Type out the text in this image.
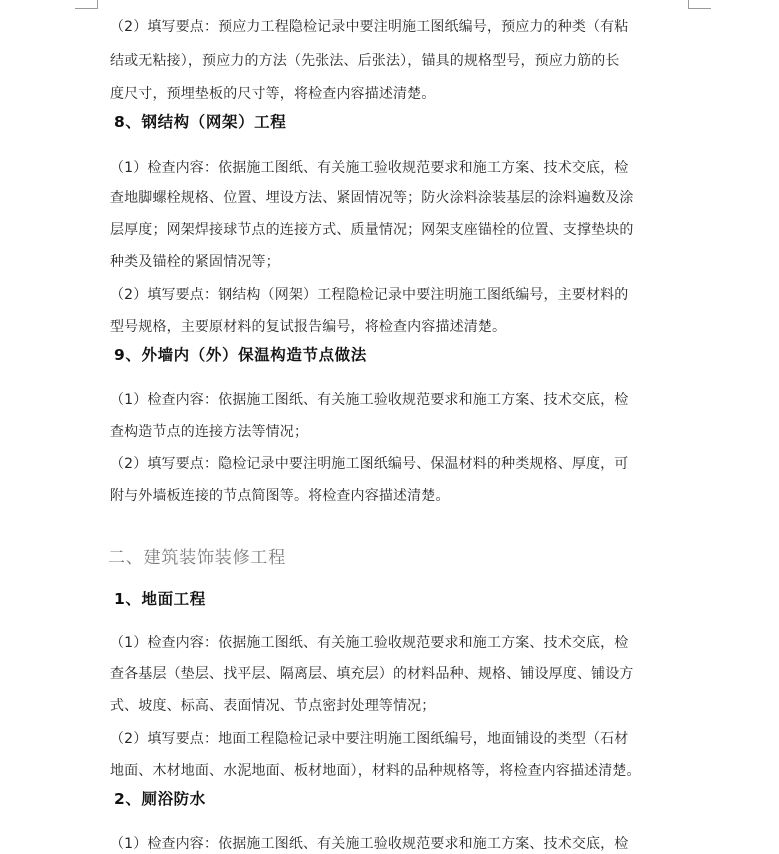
（2）填写要点：预应力工程隐检记录中要注明施工图纸编号，预应力的种类（有粘
结或无粘接），预应力的方法（先张法、后张法），锚具的规格型号，预应力筋的长
度尺寸，预埋垫板的尺寸等，将检查内容描述清楚。
8、钢结构（网架）工程
（1）检查内容：依据施工图纸、有关施工验收规范要求和施工方案、技术交底，检
查地脚螺栓规格、位置、埋设方法、紧固情况等；防火涂料涂装基层的涂料遍数及涂
层厚度；网架焊接球节点的连接方式、质量情况；网架支座锚栓的位置、支撑垫块的
种类及锚栓的紧固情况等；
（2）填写要点：钢结构（网架）工程隐检记录中要注明施工图纸编号，主要材料的
型号规格，主要原材料的复试报告编号，将检查内容描述清楚。
9、外墙内（外）保温构造节点做法
（1）检查内容：依据施工图纸、有关施工验收规范要求和施工方案、技术交底，检
查构造节点的连接方法等情况；
（2）填写要点：隐检记录中要注明施工图纸编号、保温材料的种类规格、厚度，可
附与外墙板连接的节点简图等。将检查内容描述清楚。
二、建筑装饰装修工程
1、地面工程
（1）检查内容：依据施工图纸、有关施工验收规范要求和施工方案、技术交底，检
查各基层（垫层、找平层、隔离层、填充层）的材料品种、规格、铺设厚度、铺设方
式、坡度、标高、表面情况、节点密封处理等情况；
（2）填写要点：地面工程隐检记录中要注明施工图纸编号，地面铺设的类型（石材
地面、木材地面、水泥地面、板材地面），材料的品种规格等，将检查内容描述清楚。
2、厕浴防水
（1）检查内容：依据施工图纸、有关施工验收规范要求和施工方案、技术交底，检
